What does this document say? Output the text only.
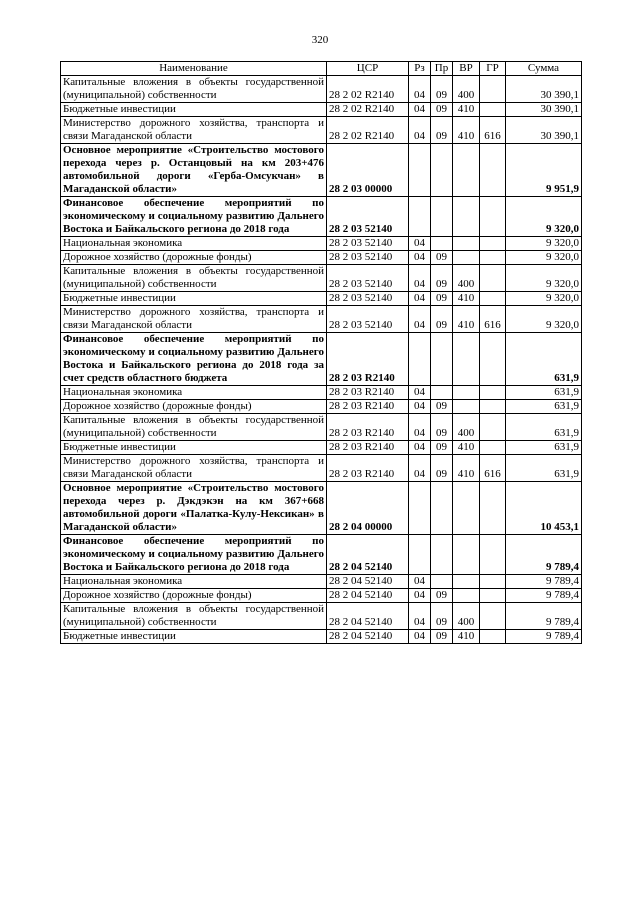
320
Наименование	ЦСР	Рз	Пр	ВР	ГР	Сумма
Капитальные вложения в объекты государственной (муниципальной) собственности	28 2 02 R2140	04	09	400		30 390,1
Бюджетные инвестиции	28 2 02 R2140	04	09	410		30 390,1
Министерство дорожного хозяйства, транспорта и связи Магаданской области	28 2 02 R2140	04	09	410	616	30 390,1
Основное мероприятие «Строительство мостового перехода через р. Останцовый на км 203+476 автомобильной дороги «Герба-Омсукчан» в Магаданской области»	28 2 03 00000					9 951,9
Финансовое обеспечение мероприятий по экономическому и социальному развитию Дальнего Востока и Байкальского региона до 2018 года	28 2 03 52140					9 320,0
Национальная экономика	28 2 03 52140	04				9 320,0
Дорожное хозяйство (дорожные фонды)	28 2 03 52140	04	09			9 320,0
Капитальные вложения в объекты государственной (муниципальной) собственности	28 2 03 52140	04	09	400		9 320,0
Бюджетные инвестиции	28 2 03 52140	04	09	410		9 320,0
Министерство дорожного хозяйства, транспорта и связи Магаданской области	28 2 03 52140	04	09	410	616	9 320,0
Финансовое обеспечение мероприятий по экономическому и социальному развитию Дальнего Востока и Байкальского региона до 2018 года за счет средств областного бюджета	28 2 03 R2140					631,9
Национальная экономика	28 2 03 R2140	04				631,9
Дорожное хозяйство (дорожные фонды)	28 2 03 R2140	04	09			631,9
Капитальные вложения в объекты государственной (муниципальной) собственности	28 2 03 R2140	04	09	400		631,9
Бюджетные инвестиции	28 2 03 R2140	04	09	410		631,9
Министерство дорожного хозяйства, транспорта и связи Магаданской области	28 2 03 R2140	04	09	410	616	631,9
Основное мероприятие «Строительство мостового перехода через р. Дэкдэкэн на км 367+668 автомобильной дороги «Палатка-Кулу-Нексикан» в Магаданской области»	28 2 04 00000					10 453,1
Финансовое обеспечение мероприятий по экономическому и социальному развитию Дальнего Востока и Байкальского региона до 2018 года	28 2 04 52140					9 789,4
Национальная экономика	28 2 04 52140	04				9 789,4
Дорожное хозяйство (дорожные фонды)	28 2 04 52140	04	09			9 789,4
Капитальные вложения в объекты государственной (муниципальной) собственности	28 2 04 52140	04	09	400		9 789,4
Бюджетные инвестиции	28 2 04 52140	04	09	410		9 789,4
